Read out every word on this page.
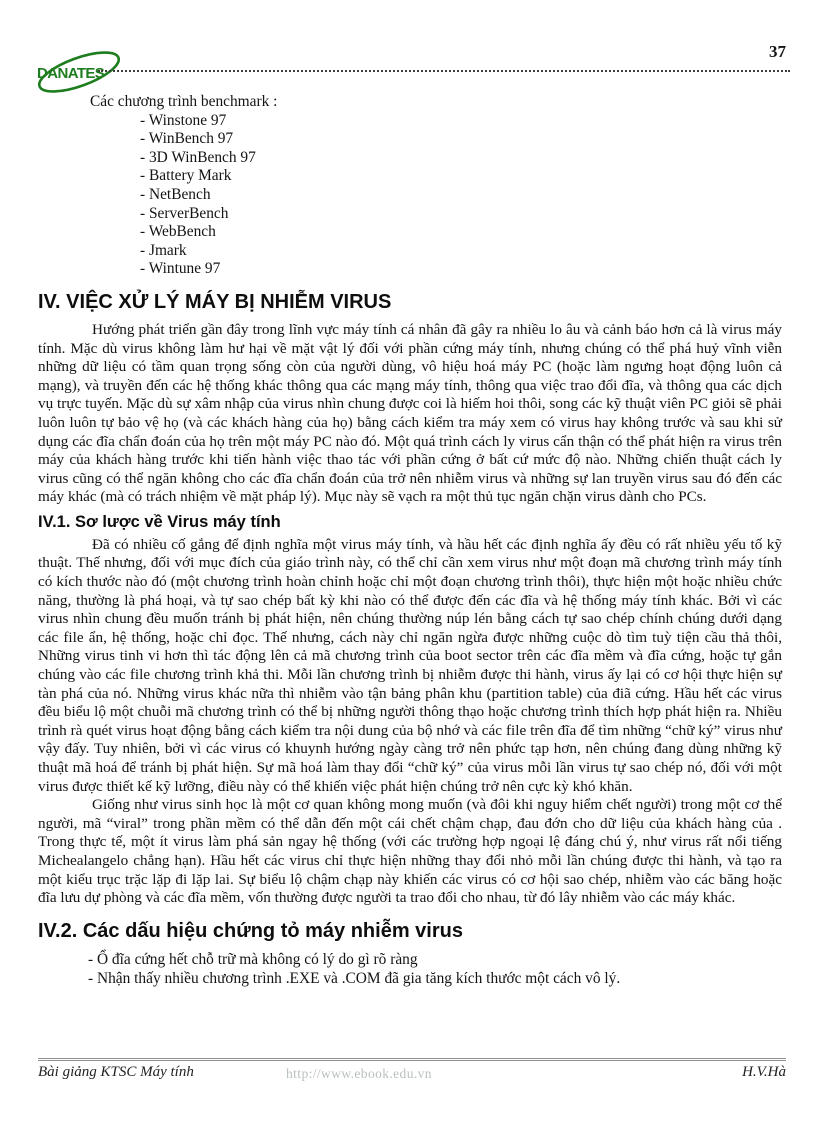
DANATES
37

Các chương trình benchmark :

- Winstone 97

- WinBench 97

- 3D WinBench 97

- Battery Mark

- NetBench

- ServerBench

- WebBench

- Jmark

- Wintune 97

IV. VIỆC XỬ LÝ MÁY BỊ NHIỄM VIRUS

Hướng phát triển gần đây trong lĩnh vực máy tính cá nhân đã gây ra nhiều lo âu và cảnh báo hơn cả là virus máy tính. Mặc dù virus không làm hư hại về mặt vật lý đối với phần cứng máy tính, nhưng chúng có thể phá huỷ vĩnh viễn những dữ liệu có tầm quan trọng sống còn của người dùng, vô hiệu hoá máy PC (hoặc làm ngưng hoạt động luôn cả mạng), và truyền đến các hệ thống khác thông qua các mạng máy tính, thông qua việc trao đổi đĩa, và thông qua các dịch vụ trực tuyến. Mặc dù sự xâm nhập của virus nhìn chung được coi là hiếm hoi thôi, song các kỹ thuật viên PC giỏi sẽ phải luôn luôn tự bảo vệ họ (và các khách hàng của họ) bằng cách kiểm tra máy xem có virus hay không trước và sau khi sử dụng các đĩa chẩn đoán của họ trên một máy PC nào đó. Một quá trình cách ly virus cẩn thận có thể phát hiện ra virus trên máy của khách hàng trước khi tiến hành việc thao tác với phần cứng ở bất cứ mức độ nào. Những chiến thuật cách ly virus cũng có thể ngăn không cho các đĩa chẩn đoán của trở nên nhiễm virus và những sự lan truyền virus sau đó đến các máy khác (mà có trách nhiệm về mặt pháp lý). Mục này sẽ vạch ra một thủ tục ngăn chặn virus dành cho PCs.

IV.1. Sơ lược về Virus máy tính

Đã có nhiều cố gắng để định nghĩa một virus máy tính, và hầu hết các định nghĩa ấy đều có rất nhiều yếu tố kỹ thuật. Thế nhưng, đối với mục đích của giáo trình này, có thể chỉ cần xem virus như một đoạn mã chương trình máy tính có kích thước nào đó (một chương trình hoàn chỉnh hoặc chỉ một đoạn chương trình thôi), thực hiện một hoặc nhiều chức năng, thường là phá hoại, và tự sao chép bất kỳ khi nào có thể được đến các đĩa và hệ thống máy tính khác. Bởi vì các virus nhìn chung đều muốn tránh bị phát hiện, nên chúng thường núp lén bằng cách tự sao chép chính chúng dưới dạng các file ẩn, hệ thống, hoặc chỉ đọc. Thế nhưng, cách này chỉ ngăn ngừa được những cuộc dò tìm tuỳ tiện cầu thả thôi, Những virus tinh vi hơn thì tác động lên cả mã chương trình của boot sector trên các đĩa mềm và đĩa cứng, hoặc tự gắn chúng vào các file chương trình khả thi. Mỗi lần chương trình bị nhiễm được thi hành, virus ấy lại có cơ hội thực hiện sự tàn phá của nó. Những virus khác nữa thì nhiễm vào tận bảng phân khu (partition table) của điã cứng. Hầu hết các virus đều biểu lộ một chuỗi mã chương trình có thể bị những người thông thạo hoặc chương trình thích hợp phát hiện ra. Nhiều trình rà quét virus hoạt động bằng cách kiểm tra nội dung của bộ nhớ và các file trên đĩa để tìm những “chữ ký” virus như vậy đấy. Tuy nhiên, bởi vì các virus có khuynh hướng ngày càng trở nên phức tạp hơn, nên chúng đang dùng những kỹ thuật mã hoá để tránh bị phát hiện. Sự mã hoá làm thay đổi “chữ ký” của virus mỗi lần virus tự sao chép nó, đối với một virus được thiết kế kỹ lưỡng, điều này có thể khiến việc phát hiện chúng trở nên cực kỳ khó khăn.

Giống như virus sinh học là một cơ quan không mong muốn (và đôi khi nguy hiểm chết người) trong một cơ thể người, mã “viral” trong phần mềm có thể dẫn đến một cái chết chậm chạp, đau đớn cho dữ liệu của khách hàng của . Trong thực tế, một ít virus làm phá sản ngay hệ thống (với các trường hợp ngoại lệ đáng chú ý, như virus rất nổi tiếng Michealangelo chẳng hạn). Hầu hết các virus chỉ thực hiện những thay đổi nhỏ mỗi lần chúng được thi hành, và tạo ra một kiểu trục trặc lặp đi lặp lai. Sự biểu lộ chậm chạp này khiến các virus có cơ hội sao chép, nhiễm vào các băng hoặc đĩa lưu dự phòng và các đĩa mềm, vốn thường được người ta trao đổi cho nhau, từ đó lây nhiễm vào các máy khác.

IV.2. Các dấu hiệu chứng tỏ máy nhiễm virus

- Ổ đĩa cứng hết chỗ trữ mà không có lý do gì rõ ràng

- Nhận thấy nhiều chương trình .EXE và .COM đã gia tăng kích thước một cách vô lý.

Bài giảng KTSC Máy tính	http://www.ebook.edu.vn	H.V.Hà
